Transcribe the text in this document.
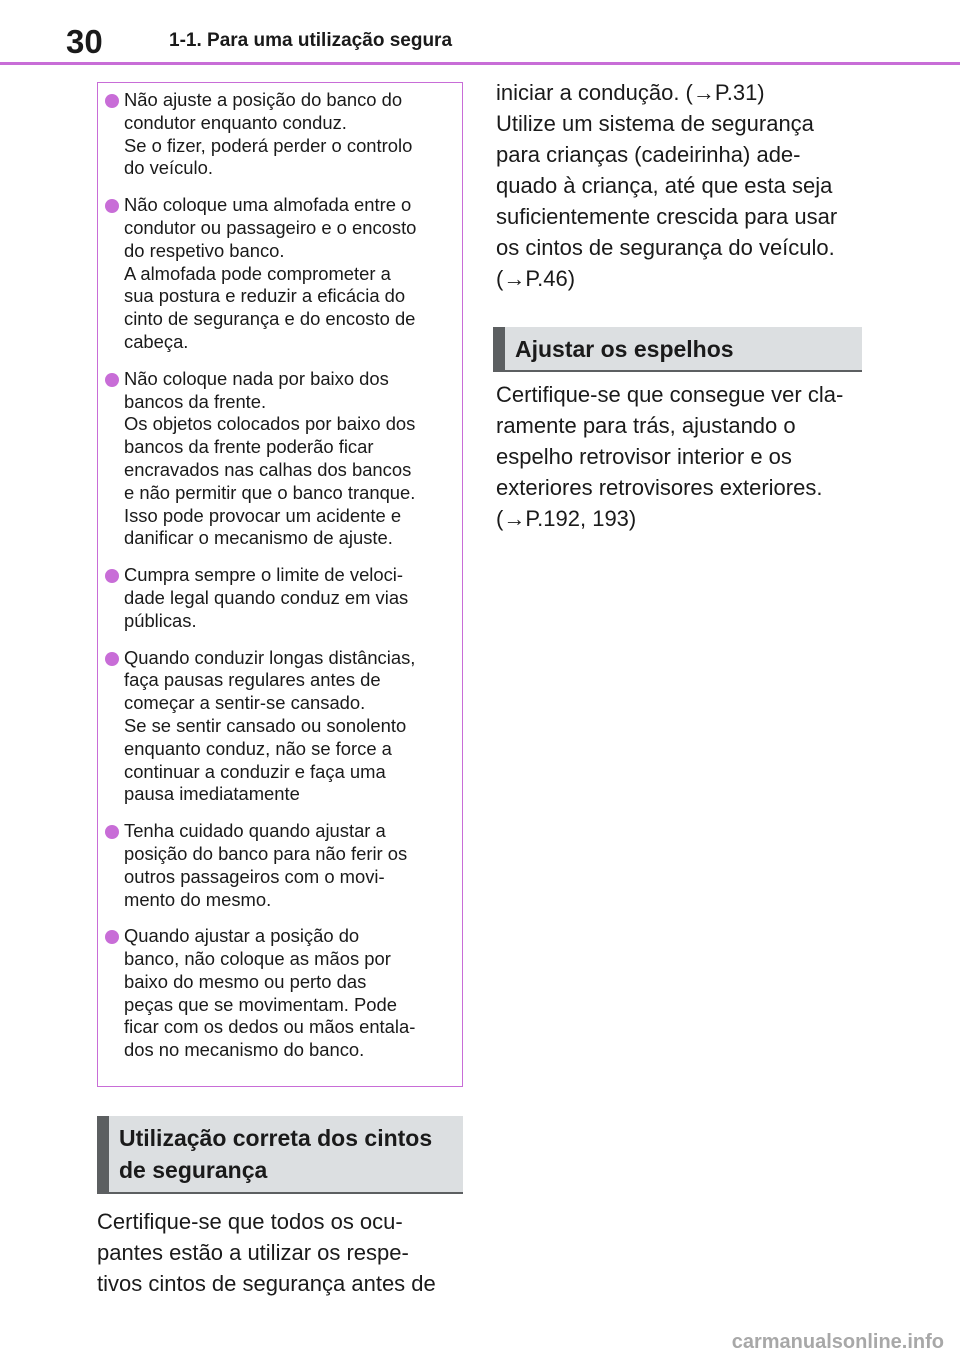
30	1-1. Para uma utilização segura
Não ajuste a posição do banco do
condutor enquanto conduz.
Se o fizer, poderá perder o controlo
do veículo.
Não coloque uma almofada entre o
condutor ou passageiro e o encosto
do respetivo banco.
A almofada pode comprometer a
sua postura e reduzir a eficácia do
cinto de segurança e do encosto de
cabeça.
Não coloque nada por baixo dos
bancos da frente.
Os objetos colocados por baixo dos
bancos da frente poderão ficar
encravados nas calhas dos bancos
e não permitir que o banco tranque.
Isso pode provocar um acidente e
danificar o mecanismo de ajuste.
Cumpra sempre o limite de veloci-
dade legal quando conduz em vias
públicas.
Quando conduzir longas distâncias,
faça pausas regulares antes de
começar a sentir-se cansado.
Se se sentir cansado ou sonolento
enquanto conduz, não se force a
continuar a conduzir e faça uma
pausa imediatamente
Tenha cuidado quando ajustar a
posição do banco para não ferir os
outros passageiros com o movi-
mento do mesmo.
Quando ajustar a posição do
banco, não coloque as mãos por
baixo do mesmo ou perto das
peças que se movimentam. Pode
ficar com os dedos ou mãos entala-
dos no mecanismo do banco.
Utilização correta dos cintos
de segurança

Certifique-se que todos os ocu-
pantes estão a utilizar os respe-
tivos cintos de segurança antes de

iniciar a condução. (→P.31)
Utilize um sistema de segurança
para crianças (cadeirinha) ade-
quado à criança, até que esta seja
suficientemente crescida para usar
os cintos de segurança do veículo.
(→P.46)

Ajustar os espelhos

Certifique-se que consegue ver cla-
ramente para trás, ajustando o
espelho retrovisor interior e os
exteriores retrovisores exteriores.
(→P.192, 193)

carmanualsonline.info
